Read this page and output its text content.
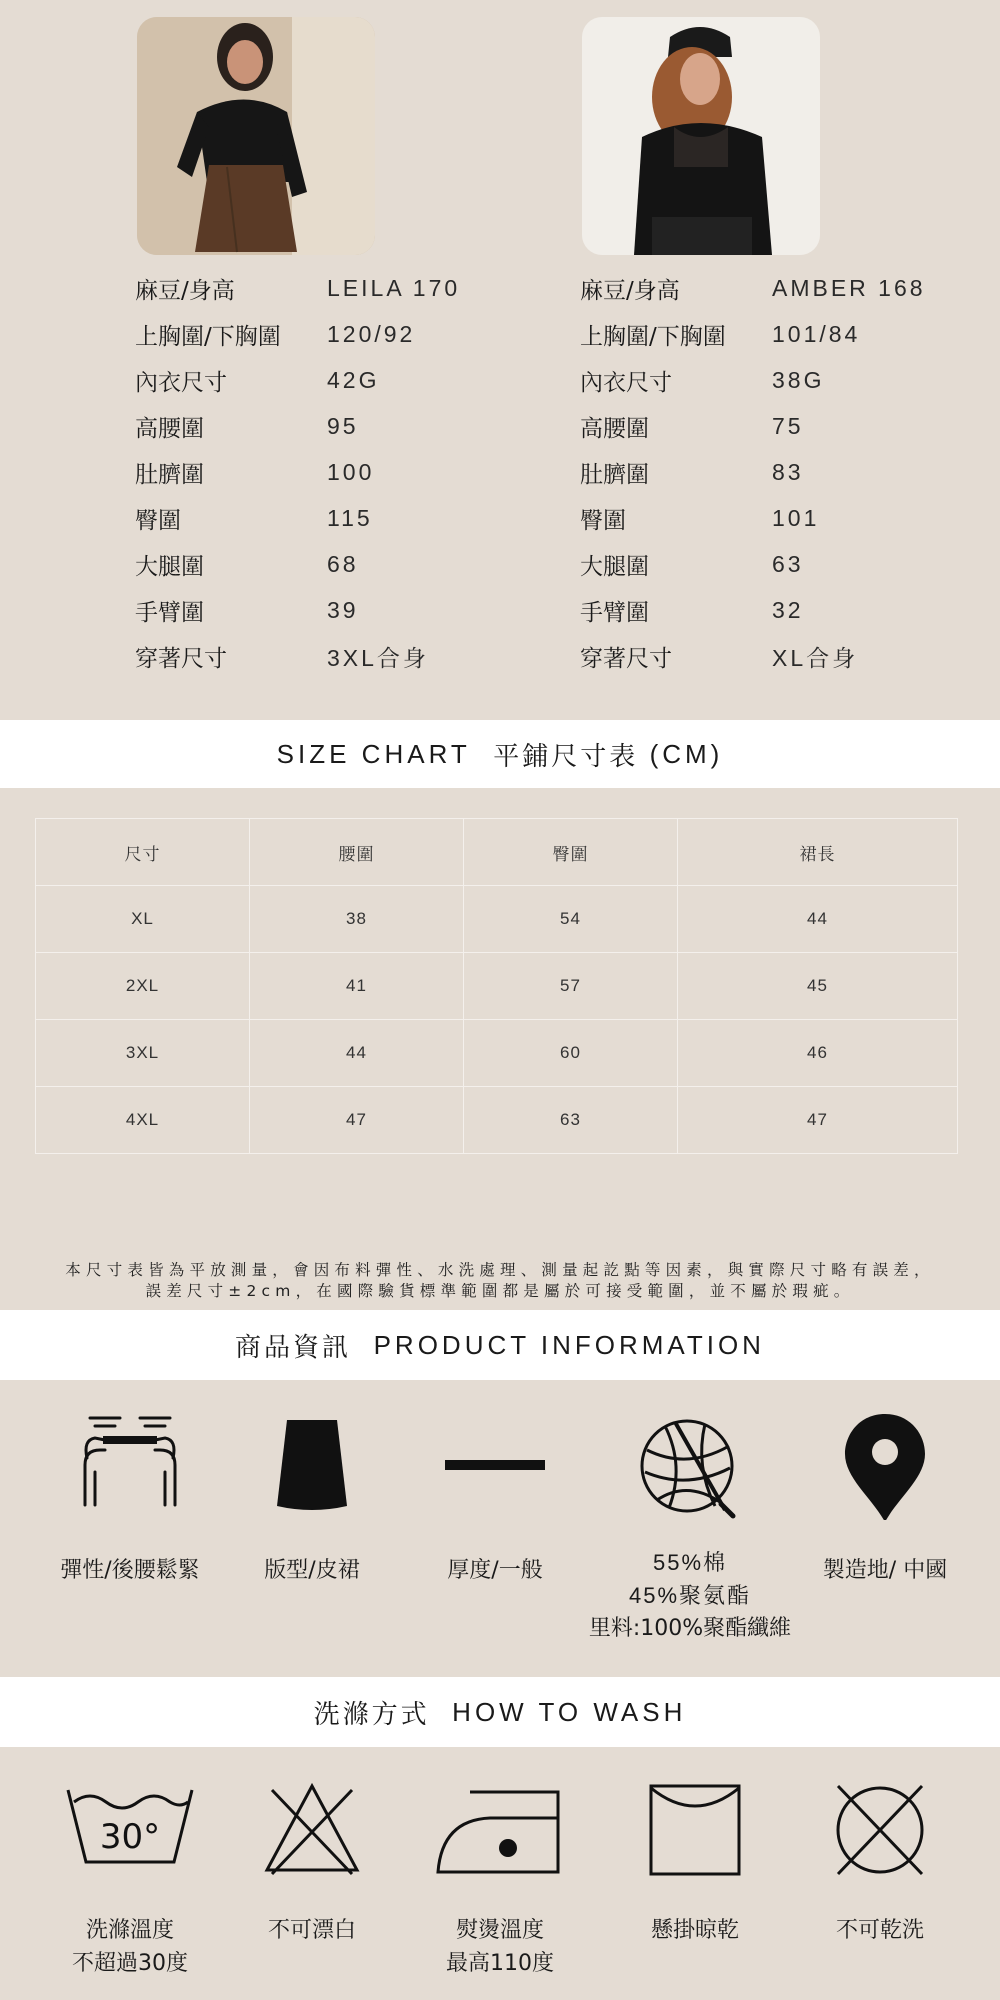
麻豆/身高	LEILA 170
上胸圍/下胸圍	120/92
內衣尺寸	42G
高腰圍	95
肚臍圍	100
臀圍	115
大腿圍	68
手臂圍	39
穿著尺寸	3XL合身
麻豆/身高	AMBER 168
上胸圍/下胸圍	101/84
內衣尺寸	38G
高腰圍	75
肚臍圍	83
臀圍	101
大腿圍	63
手臂圍	32
穿著尺寸	XL合身
SIZE CHART
平鋪尺寸表
(CM)
尺寸	腰圍	臀圍	裙長
XL	38	54	44
2XL	41	57	45
3XL	44	60	46
4XL	47	63	47
本尺寸表皆為平放測量，會因布料彈性、水洗處理、測量起訖點等因素，與實際尺寸略有誤差，
誤差尺寸±2cm，在國際驗貨標準範圍都是屬於可接受範圍，並不屬於瑕疵。
商品資訊
PRODUCT INFORMATION
彈性/後腰鬆緊	版型/皮裙	厚度/一般	55%棉
45%聚氨酯
里料:100%聚酯纖維
製造地/ 中國
洗滌方式
HOW TO WASH
30°
洗滌溫度
不超過30度
不可漂白	熨燙溫度
最高110度
懸掛晾乾	不可乾洗
